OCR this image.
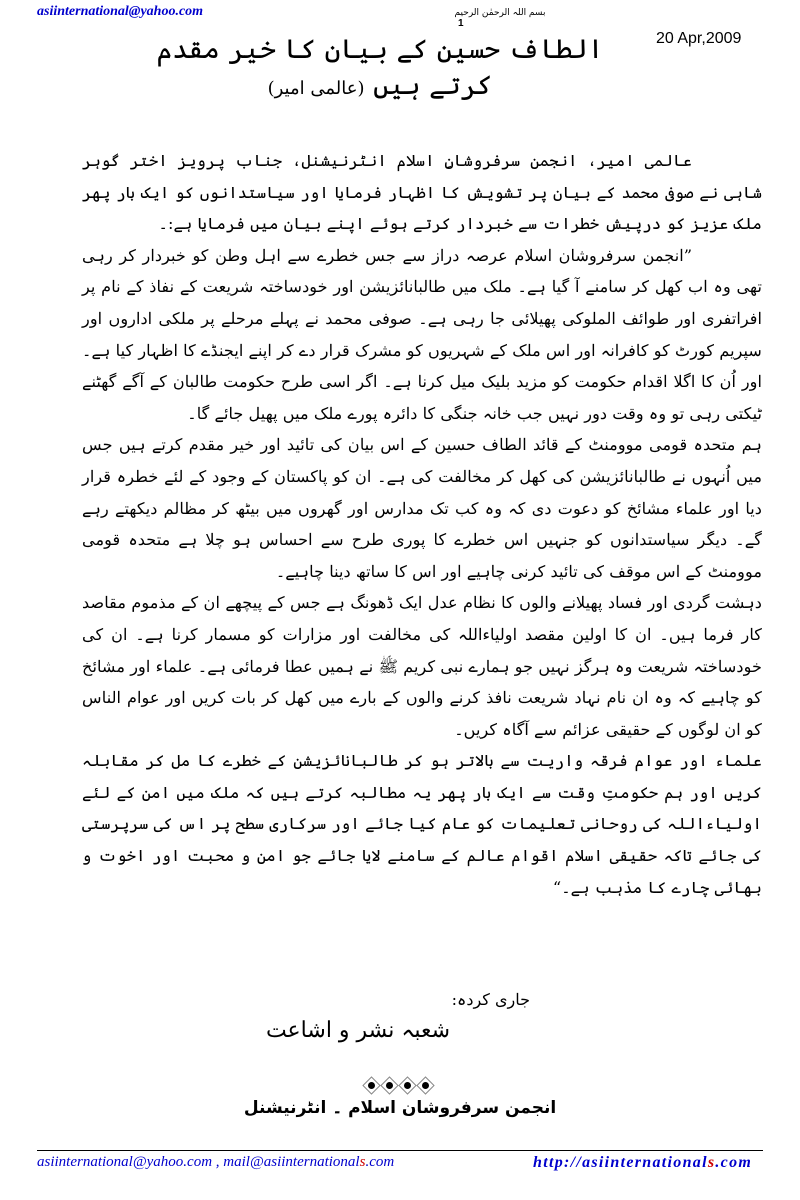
asiinternational@yahoo.com	بسم اللہ الرحمٰن الرحیم
1
20 Apr,2009
الطاف حسین کے بیان کا خیر مقدم کرتے ہیں (عالمی امیر)

عالمی امیر، انجمن سرفروشانِ اسلام انٹرنیشنل، جناب پرویز اختر گوہر شاہی نے صوفی محمد کے بیان پر تشویش کا اظہار فرمایا اور سیاستدانوں کو ایک بار پھر ملک عزیز کو درپیش خطرات سے خبردار کرتے ہوئے اپنے بیان میں فرمایا ہے:۔

”انجمن سرفروشان اسلام عرصہ دراز سے جس خطرے سے اہل وطن کو خبردار کر رہی تھی وہ اب کھل کر سامنے آ گیا ہے۔ ملک میں طالبانائزیشن اور خودساختہ شریعت کے نفاذ کے نام پر افراتفری اور طوائف الملوکی پھیلائی جا رہی ہے۔ صوفی محمد نے پہلے مرحلے پر ملکی اداروں اور سپریم کورٹ کو کافرانہ اور اس ملک کے شہریوں کو مشرک قرار دے کر اپنے ایجنڈے کا اظہار کیا ہے۔ اور اُن کا اگلا اقدام حکومت کو مزید بلیک میل کرنا ہے۔ اگر اسی طرح حکومت طالبان کے آگے گھٹنے ٹیکتی رہی تو وہ وقت دور نہیں جب خانہ جنگی کا دائرہ پورے ملک میں پھیل جائے گا۔

ہم متحدہ قومی موومنٹ کے قائد الطاف حسین کے اس بیان کی تائید اور خیر مقدم کرتے ہیں جس میں اُنہوں نے طالبانائزیشن کی کھل کر مخالفت کی ہے۔ ان کو پاکستان کے وجود کے لئے خطرہ قرار دیا اور علماء مشائخ کو دعوت دی کہ وہ کب تک مدارس اور گھروں میں بیٹھ کر مظالم دیکھتے رہے گے۔ دیگر سیاستدانوں کو جنہیں اس خطرے کا پوری طرح سے احساس ہو چلا ہے متحدہ قومی موومنٹ کے اس موقف کی تائید کرنی چاہیے اور اس کا ساتھ دینا چاہیے۔

دہشت گردی اور فساد پھیلانے والوں کا نظام عدل ایک ڈھونگ ہے جس کے پیچھے ان کے مذموم مقاصد کار فرما ہیں۔ ان کا اولین مقصد اولیاءاللہ کی مخالفت اور مزارات کو مسمار کرنا ہے۔ ان کی خودساختہ شریعت وہ ہرگز نہیں جو ہمارے نبی کریم ﷺ نے ہمیں عطا فرمائی ہے۔ علماء اور مشائخ کو چاہیے کہ وہ ان نام نہاد شریعت نافذ کرنے والوں کے بارے میں کھل کر بات کریں اور عوام الناس کو ان لوگوں کے حقیقی عزائم سے آگاہ کریں۔

علماء اور عوام فرقہ واریت سے بالاتر ہو کر طالبانائزیشن کے خطرے کا مل کر مقابلہ کریں اور ہم حکومتِ وقت سے ایک بار پھر یہ مطالبہ کرتے ہیں کہ ملک میں امن کے لئے اولیاءاللہ کی روحانی تعلیمات کو عام کیا جائے اور سرکاری سطح پر اس کی سرپرستی کی جائے تاکہ حقیقی اسلام اقوام عالم کے سامنے لایا جائے جو امن و محبت اور اخوت و بھائی چارے کا مذہب ہے۔“

جاری کردہ:
شعبہ نشر و اشاعت
انجمن سرفروشان اسلام ۔ انٹرنیشنل
asiinternational@yahoo.com , mail@asiinternationals.com	http://asiinternationals.com
